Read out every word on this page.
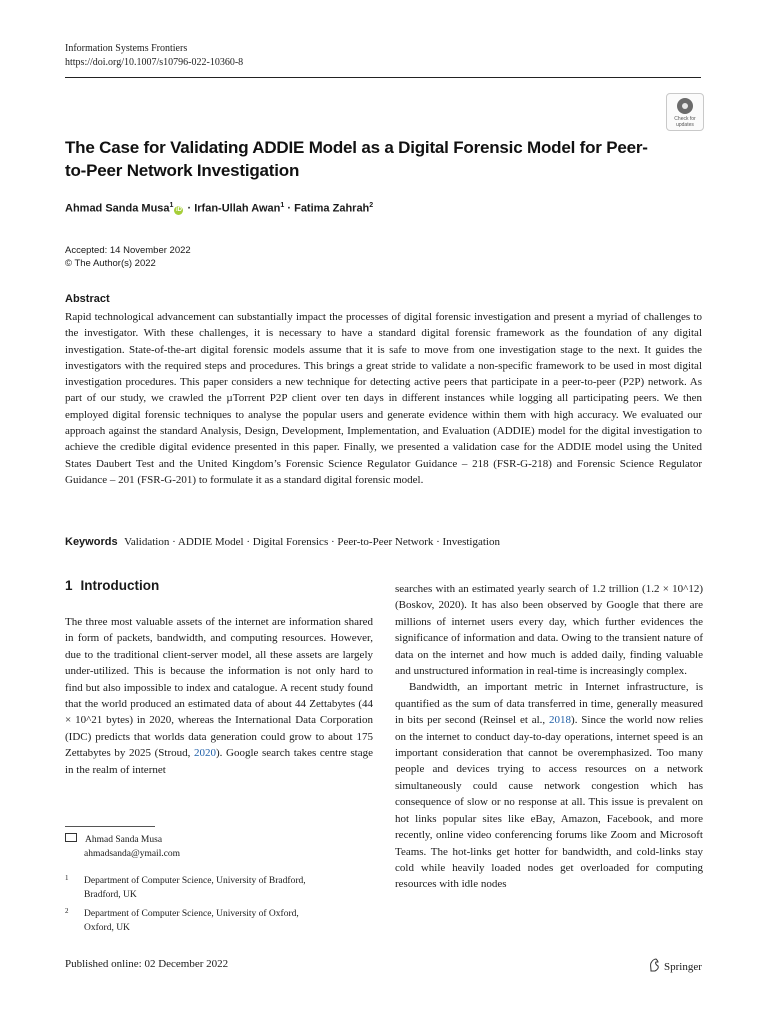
Information Systems Frontiers
https://doi.org/10.1007/s10796-022-10360-8
Check for
updates
The Case for Validating ADDIE Model as a Digital Forensic Model for Peer-to-Peer Network Investigation
Ahmad Sanda Musa$^1$iD · Irfan-Ullah Awan$^1$ · Fatima Zahrah$^2$
Accepted: 14 November 2022
© The Author(s) 2022
Abstract
Rapid technological advancement can substantially impact the processes of digital forensic investigation and present a myriad of challenges to the investigator. With these challenges, it is necessary to have a standard digital forensic framework as the foundation of any digital investigation. State-of-the-art digital forensic models assume that it is safe to move from one investigation stage to the next. It guides the investigators with the required steps and procedures. This brings a great stride to validate a non-specific framework to be used in most digital investigation procedures. This paper considers a new technique for detecting active peers that participate in a peer-to-peer (P2P) network. As part of our study, we crawled the µTorrent P2P client over ten days in different instances while logging all participating peers. We then employed digital forensic techniques to analyse the popular users and generate evidence within them with high accuracy. We evaluated our approach against the standard Analysis, Design, Development, Implementation, and Evaluation (ADDIE) model for the digital investigation to achieve the credible digital evidence presented in this paper. Finally, we presented a validation case for the ADDIE model using the United States Daubert Test and the United Kingdom’s Forensic Science Regulator Guidance – 218 (FSR-G-218) and Forensic Science Regulator Guidance – 201 (FSR-G-201) to formulate it as a standard digital forensic model.
Keywords Validation · ADDIE Model · Digital Forensics · Peer-to-Peer Network · Investigation
1 Introduction

The three most valuable assets of the internet are information shared in form of packets, bandwidth, and computing resources. However, due to the traditional client-server model, all these assets are largely under-utilized. This is because the information is not only hard to find but also impossible to index and catalogue. A recent study found that the world produced an estimated data of about 44 Zettabytes (44 × 10^21 bytes) in 2020, whereas the International Data Corporation (IDC) predicts that worlds data generation could grow to about 175 Zettabytes by 2025 (Stroud, 2020). Google search takes centre stage in the realm of internet

searches with an estimated yearly search of 1.2 trillion (1.2 × 10^12) (Boskov, 2020). It has also been observed by Google that there are millions of internet users every day, which further evidences the significance of information and data. Owing to the transient nature of data on the internet and how much is added daily, finding valuable and unstructured information in real-time is increasingly complex.

Bandwidth, an important metric in Internet infrastructure, is quantified as the sum of data transferred in time, generally measured in bits per second (Reinsel et al., 2018). Since the world now relies on the internet to conduct day-to-day operations, internet speed is an important consideration that cannot be overemphasized. Too many people and devices trying to access resources on a network simultaneously could cause network congestion which has consequence of slow or no response at all. This issue is prevalent on hot links popular sites like eBay, Amazon, Facebook, and more recently, online video conferencing forums like Zoom and Microsoft Teams. The hot-links get hotter for bandwidth, and cold-links stay cold while heavily loaded nodes get overloaded for computing resources with idle nodes

Ahmad Sanda Musa
ahmadsanda@ymail.com
1 Department of Computer Science, University of Bradford,
Bradford, UK
2 Department of Computer Science, University of Oxford,
Oxford, UK
Published online: 02 December 2022	Springer
